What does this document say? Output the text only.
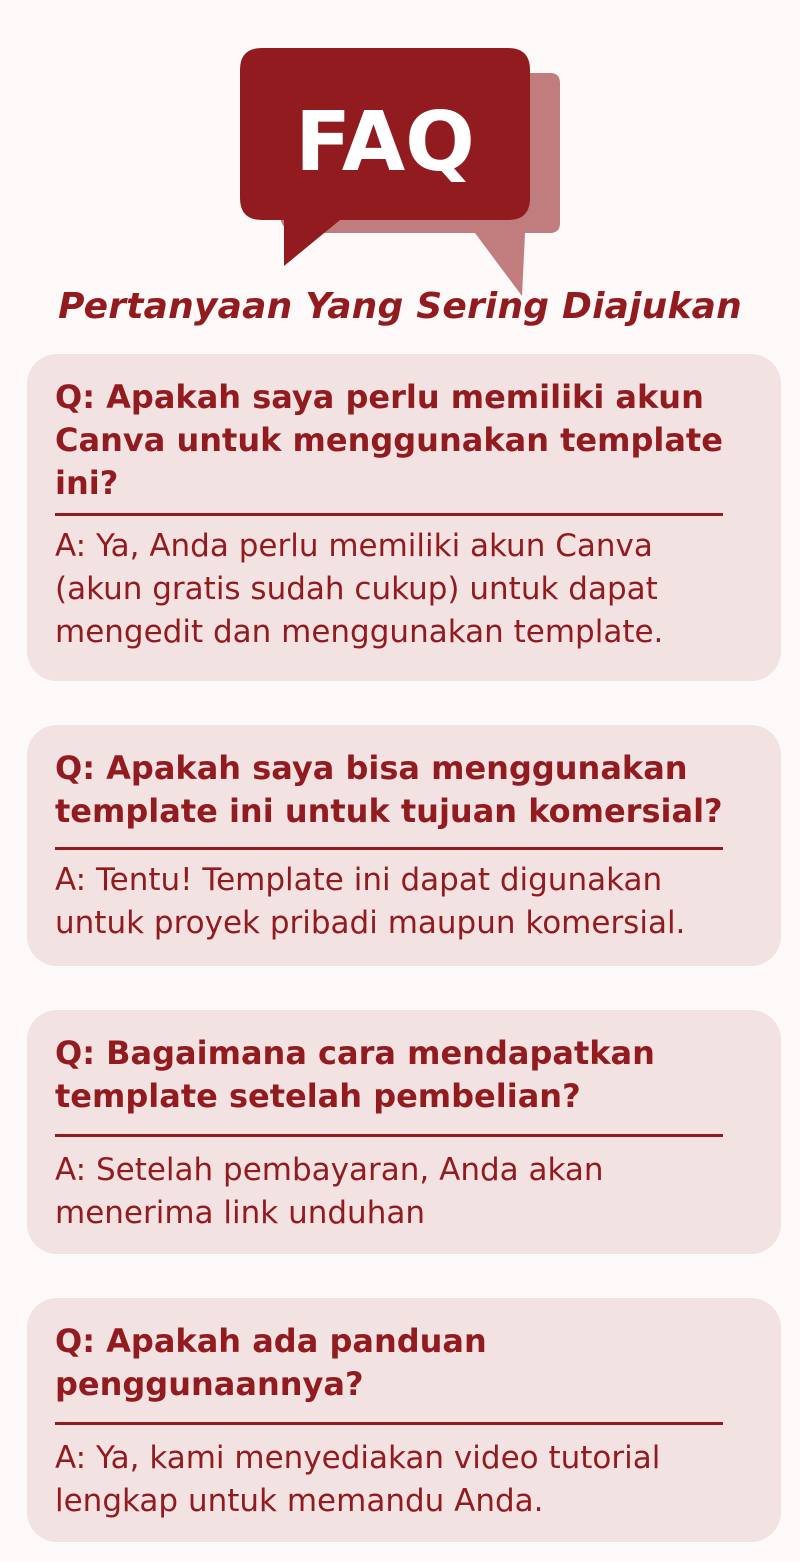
FAQ
Pertanyaan Yang Sering Diajukan
Q: Apakah saya perlu memiliki akun Canva untuk menggunakan template ini?
A: Ya, Anda perlu memiliki akun Canva
(akun gratis sudah cukup) untuk dapat
mengedit dan menggunakan template.
Q: Apakah saya bisa menggunakan template ini untuk tujuan komersial?
A: Tentu! Template ini dapat digunakan
untuk proyek pribadi maupun komersial.
Q: Bagaimana cara mendapatkan template setelah pembelian?
A: Setelah pembayaran, Anda akan
menerima link unduhan
Q: Apakah ada panduan penggunaannya?
A: Ya, kami menyediakan video tutorial
lengkap untuk memandu Anda.
